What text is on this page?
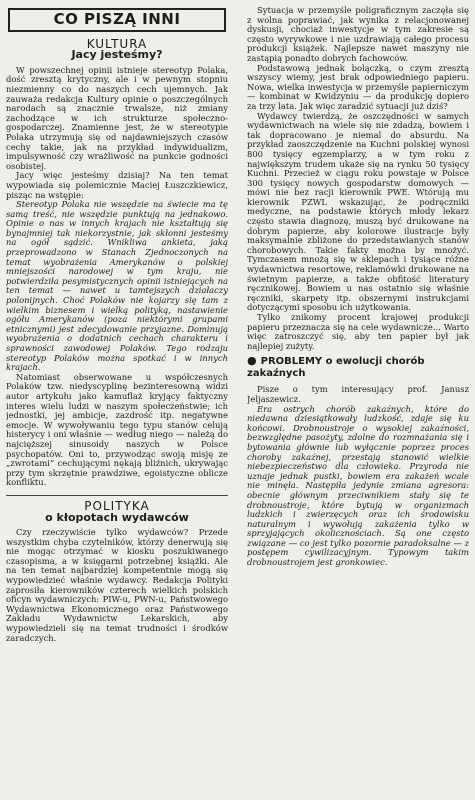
CO PISZĄ INNI
KULTURA
Jacy jesteśmy?

W powszechnej opinii istnieje stereotyp Polaka, dość zresztą krytyczny, ale i w pewnym stopniu niezmienny co do naszych cech ujemnych. Jak zauważa redakcja Kultury opinie o poszczególnych narodach są znacznie trwalsze, niż zmiany zachodzące w ich strukturze społeczno-gospodarczej. Znamienne jest, że w stereotypie Polaka utrzymują się od najdawniejszych czasów cechy takie, jak na przykład indywidualizm, impulsywność czy wrażliwość na punkcie godności osobistej.

Jacy więc jesteśmy dzisiaj? Na ten temat wypowiada się polemicznie Maciej Łuszczkiewicz, pisząc na wstępie:

Stereotyp Polaka nie wszędzie na świecie ma tę samą treść, nie wszędzie punktują na jednakowo. Opinie o nas w innych krajach nie kształtują się bynajmniej tak niekorzystnie, jak skłonni jesteśmy na ogół sądzić. Wnikliwa ankieta, jaką przeprowadzono w Stanach Zjednoczonych na temat wyobrażenia Amerykanów o polskiej mniejszości narodowej w tym kraju, nie potwierdziła pesymistycznych opinii istniejących na ten temat — nawet u tamtejszych działaczy polonijnych. Choć Polaków nie kojarzy się tam z wielkim biznesem i wielką polityką, nastawienie ogółu Amerykanów (poza niektórymi grupami etnicznymi) jest zdecydowanie przyjazne. Dominują wyobrażenia o dodatnich cechach charakteru i sprawności zawodowej Polaków. Tego rodzaju stereotyp Polaków można spotkać i w innych krajach.

Natomiast obserwowane u współczesnych Polaków tzw. niedyscyplinę bezinteresowną widzi autor artykułu jako kamuflaż kryjący faktyczny interes wielu ludzi w naszym społeczeństwie; ich jednostki, jej ambicje, zazdrość itp. negatywne emocje. W wywoływaniu tego typu stanów celują histerycy i oni właśnie — według niego — należą do najcięższej sinusoidy naszych w Polsce psychopatów. Oni to, przywodząc swoją misję ze „zwrotami” cechującymi nękają bliźnich, ukrywając przy tym skrzętnie prawdziwe, egoistyczne oblicze konfliktu.

POLITYKA
o kłopotach wydawców

Czy rzeczywiście tylko wydawców? Przede wszystkim chyba czytelników, którzy denerwują się nie mogąc otrzymać w kiosku poszukiwanego czasopisma, a w księgarni potrzebnej książki. Ale na ten temat najbardziej kompetentnie mogą się wypowiedzieć właśnie wydawcy. Redakcja Polityki zaprosiła kierowników czterech wielkich polskich oficyn wydawniczych: PIW-u, PWN-u, Państwowego Wydawnictwa Ekonomicznego oraz Państwowego Zakładu Wydawnictw Lekarskich, aby wypowiedzieli się na temat trudności i środków zaradczych.

Sytuacja w przemyśle poligraficznym zaczęła się z wolna poprawiać, jak wynika z relacjonowanej dyskusji, chociaż inwestycje w tym zakresie są często wyrywkowe i nie uzdrawiają całego procesu produkcji książek. Najlepsze nawet maszyny nie zastąpią ponadto dobrych fachowców.

Podstawową jednak bolączką, o czym zresztą wszyscy wiemy, jest brak odpowiedniego papieru. Nowa, wielka inwestycja w przemyśle papierniczym — kombinat w Kwidzyniu — da produkcję dopiero za trzy lata. Jak więc zaradzić sytuacji już dziś?

Wydawcy twierdzą, że oszczędności w samych wydawnictwach na wiele się nie zdadzą, bowiem i tak dopracowano je niemal do absurdu. Na przykład zaoszczędzenie na Kuchni polskiej wynosi 800 tysięcy egzemplarzy, a w tym roku z największym trudem ukaże się na rynku 50 tysięcy Kuchni. Przecież w ciągu roku powstaje w Polsce 300 tysięcy nowych gospodarstw domowych — mówi nie bez racji kierownik PWE. Wtórują mu kierownik PZWL wskazując, że podręczniki medyczne, na podstawie których młody lekarz często stawia diagnozę, muszą być drukowane na dobrym papierze, aby kolorowe ilustracje były maksymalnie zbliżone do przedstawianych stanów chorobowych. Takie fakty można by mnożyć. Tymczasem mnożą się w sklepach i tysiące różne wydawnictwa resortowe, reklamówki drukowane na świetnym papierze, a także obfitość literatury ręcznikowej. Bowiem u nas ostatnio się właśnie ręczniki, skarpety itp. obszernymi instrukcjami dotyczącymi sposobu ich użytkowania.

Tylko znikomy procent krajowej produkcji papieru przeznacza się na cele wydawnicze... Warto więc zatroszczyć się, aby ten papier był jak najlepiej zużyty.

● PROBLEMY o ewolucji chorób zakaźnych

Pisze o tym interesujący prof. Janusz Jeljaszewicz.

Era ostrych chorób zakaźnych, które do niedawna dziesiątkowały ludzkość, zdaje się ku końcowi. Drobnoustroje o wysokiej zakaźności, bezwzględne pasożyty, zdolne do rozmnażania się i bytowania głównie lub wyłącznie poprzez proces choroby zakaźnej, przestają stanowić wielkie niebezpieczeństwo dla człowieka. Przyroda nie uznaje jednak pustki, bowiem era zakażeń wcale nie minęła. Następiła jedynie zmiana agresora: obecnie głównym przeciwnikiem stały się te drobnoustroje, które bytują w organizmach ludzkich i zwierzęcych oraz ich środowisku naturalnym i wywołują zakażenia tylko w sprzyjających okolicznościach. Są one często związane — co jest tylko pozornie paradoksalne — z postępem cywilizacyjnym. Typowym takim drobnoustrojem jest gronkowiec.
